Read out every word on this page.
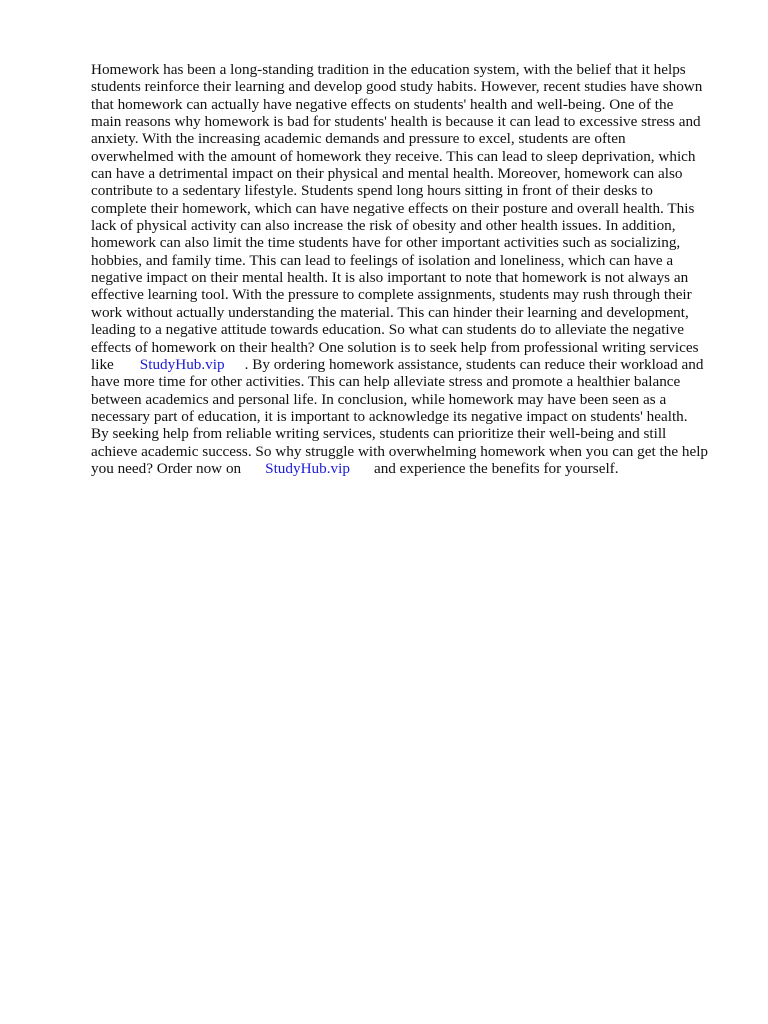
Homework has been a long-standing tradition in the education system, with the belief that it helps
students reinforce their learning and develop good study habits. However, recent studies have shown
that homework can actually have negative effects on students' health and well-being. One of the
main reasons why homework is bad for students' health is because it can lead to excessive stress and
anxiety. With the increasing academic demands and pressure to excel, students are often
overwhelmed with the amount of homework they receive. This can lead to sleep deprivation, which
can have a detrimental impact on their physical and mental health. Moreover, homework can also
contribute to a sedentary lifestyle. Students spend long hours sitting in front of their desks to
complete their homework, which can have negative effects on their posture and overall health. This
lack of physical activity can also increase the risk of obesity and other health issues. In addition,
homework can also limit the time students have for other important activities such as socializing,
hobbies, and family time. This can lead to feelings of isolation and loneliness, which can have a
negative impact on their mental health. It is also important to note that homework is not always an
effective learning tool. With the pressure to complete assignments, students may rush through their
work without actually understanding the material. This can hinder their learning and development,
leading to a negative attitude towards education. So what can students do to alleviate the negative
effects of homework on their health? One solution is to seek help from professional writing services
like StudyHub.vip . By ordering homework assistance, students can reduce their workload and
have more time for other activities. This can help alleviate stress and promote a healthier balance
between academics and personal life. In conclusion, while homework may have been seen as a
necessary part of education, it is important to acknowledge its negative impact on students' health.
By seeking help from reliable writing services, students can prioritize their well-being and still
achieve academic success. So why struggle with overwhelming homework when you can get the help
you need? Order now on StudyHub.vip and experience the benefits for yourself.
